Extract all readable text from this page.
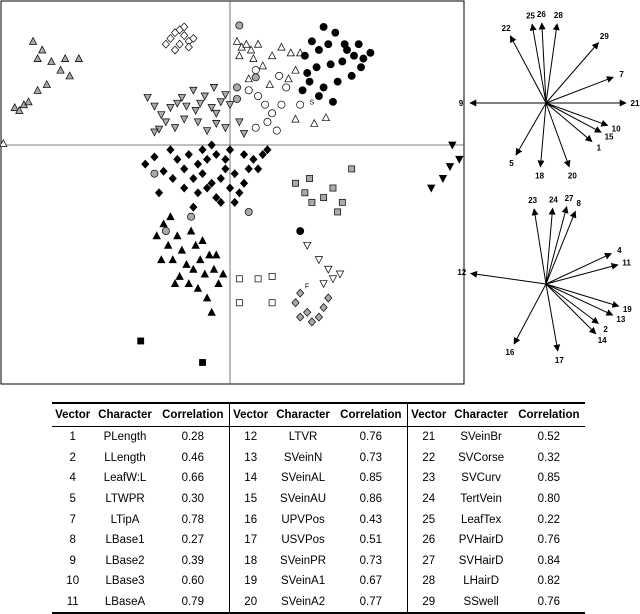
S
F
25 26 28
22
29
7
21
9
10
15
1
20
18
5
23 24 27
8
12
4
11
19
13
2
14
17
16
Vector	Character	Correlation	Vector	Character	Correlation	Vector	Character	Correlation
1	PLength	0.28	12	LTVR	0.76	21	SVeinBr	0.52
2	LLength	0.46	13	SVeinN	0.73	22	SVCorse	0.32
4	LeafW:L	0.66	14	SVeinAL	0.85	23	SVCurv	0.85
5	LTWPR	0.30	15	SVeinAU	0.86	24	TertVein	0.80
7	LTipA	0.78	16	UPVPos	0.43	25	LeafTex	0.22
8	LBase1	0.27	17	USVPos	0.51	26	PVHairD	0.76
9	LBase2	0.39	18	SVeinPR	0.73	27	SVHairD	0.84
10	LBase3	0.60	19	SVeinA1	0.67	28	LHairD	0.82
11	LBaseA	0.79	20	SVeinA2	0.77	29	SSwell	0.76
